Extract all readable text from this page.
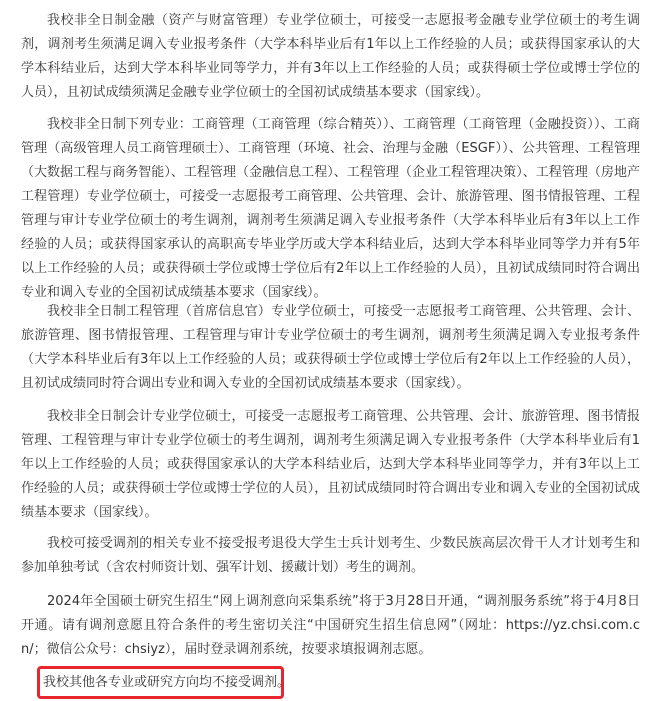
我校非全日制金融（资产与财富管理）专业学位硕士，可接受一志愿报考金融专业学位硕士的考生调剂，调剂考生须满足调入专业报考条件（大学本科毕业后有1年以上工作经验的人员；或获得国家承认的大学本科结业后，达到大学本科毕业同等学力，并有3年以上工作经验的人员；或获得硕士学位或博士学位的人员），且初试成绩须满足金融专业学位硕士的全国初试成绩基本要求（国家线）。

我校非全日制下列专业：工商管理（工商管理（综合精英））、工商管理（工商管理（金融投资））、工商管理（高级管理人员工商管理硕士）、工商管理（环境、社会、治理与金融（ESGF））、公共管理、工程管理（大数据工程与商务智能）、工程管理（金融信息工程）、工程管理（企业工程管理决策）、工程管理（房地产工程管理）专业学位硕士，可接受一志愿报考工商管理、公共管理、会计、旅游管理、图书情报管理、工程管理与审计专业学位硕士的考生调剂，调剂考生须满足调入专业报考条件（大学本科毕业后有3年以上工作经验的人员；或获得国家承认的高职高专毕业学历或大学本科结业后，达到大学本科毕业同等学力并有5年以上工作经验的人员；或获得硕士学位或博士学位后有2年以上工作经验的人员），且初试成绩同时符合调出专业和调入专业的全国初试成绩基本要求（国家线）。

我校非全日制工程管理（首席信息官）专业学位硕士，可接受一志愿报考工商管理、公共管理、会计、旅游管理、图书情报管理、工程管理与审计专业学位硕士的考生调剂，调剂考生须满足调入专业报考条件（大学本科毕业后有3年以上工作经验的人员；或获得硕士学位或博士学位后有2年以上工作经验的人员），且初试成绩同时符合调出专业和调入专业的全国初试成绩基本要求（国家线）。

我校非全日制会计专业学位硕士，可接受一志愿报考工商管理、公共管理、会计、旅游管理、图书情报管理、工程管理与审计专业学位硕士的考生调剂，调剂考生须满足调入专业报考条件（大学本科毕业后有1年以上工作经验的人员；或获得国家承认的大学本科结业后，达到大学本科毕业同等学力，并有3年以上工作经验的人员；或获得硕士学位或博士学位的人员），且初试成绩同时符合调出专业和调入专业的全国初试成绩基本要求（国家线）。

我校可接受调剂的相关专业不接受报考退役大学生士兵计划考生、少数民族高层次骨干人才计划考生和参加单独考试（含农村师资计划、强军计划、援藏计划）考生的调剂。

2024年全国硕士研究生招生“网上调剂意向采集系统”将于3月28日开通，“调剂服务系统”将于4月8日开通。请有调剂意愿且符合条件的考生密切关注“中国研究生招生信息网”（网址：https://yz.chsi.com.cn/；微信公众号：chsiyz），届时登录调剂系统，按要求填报调剂志愿。

我校其他各专业或研究方向均不接受调剂。
